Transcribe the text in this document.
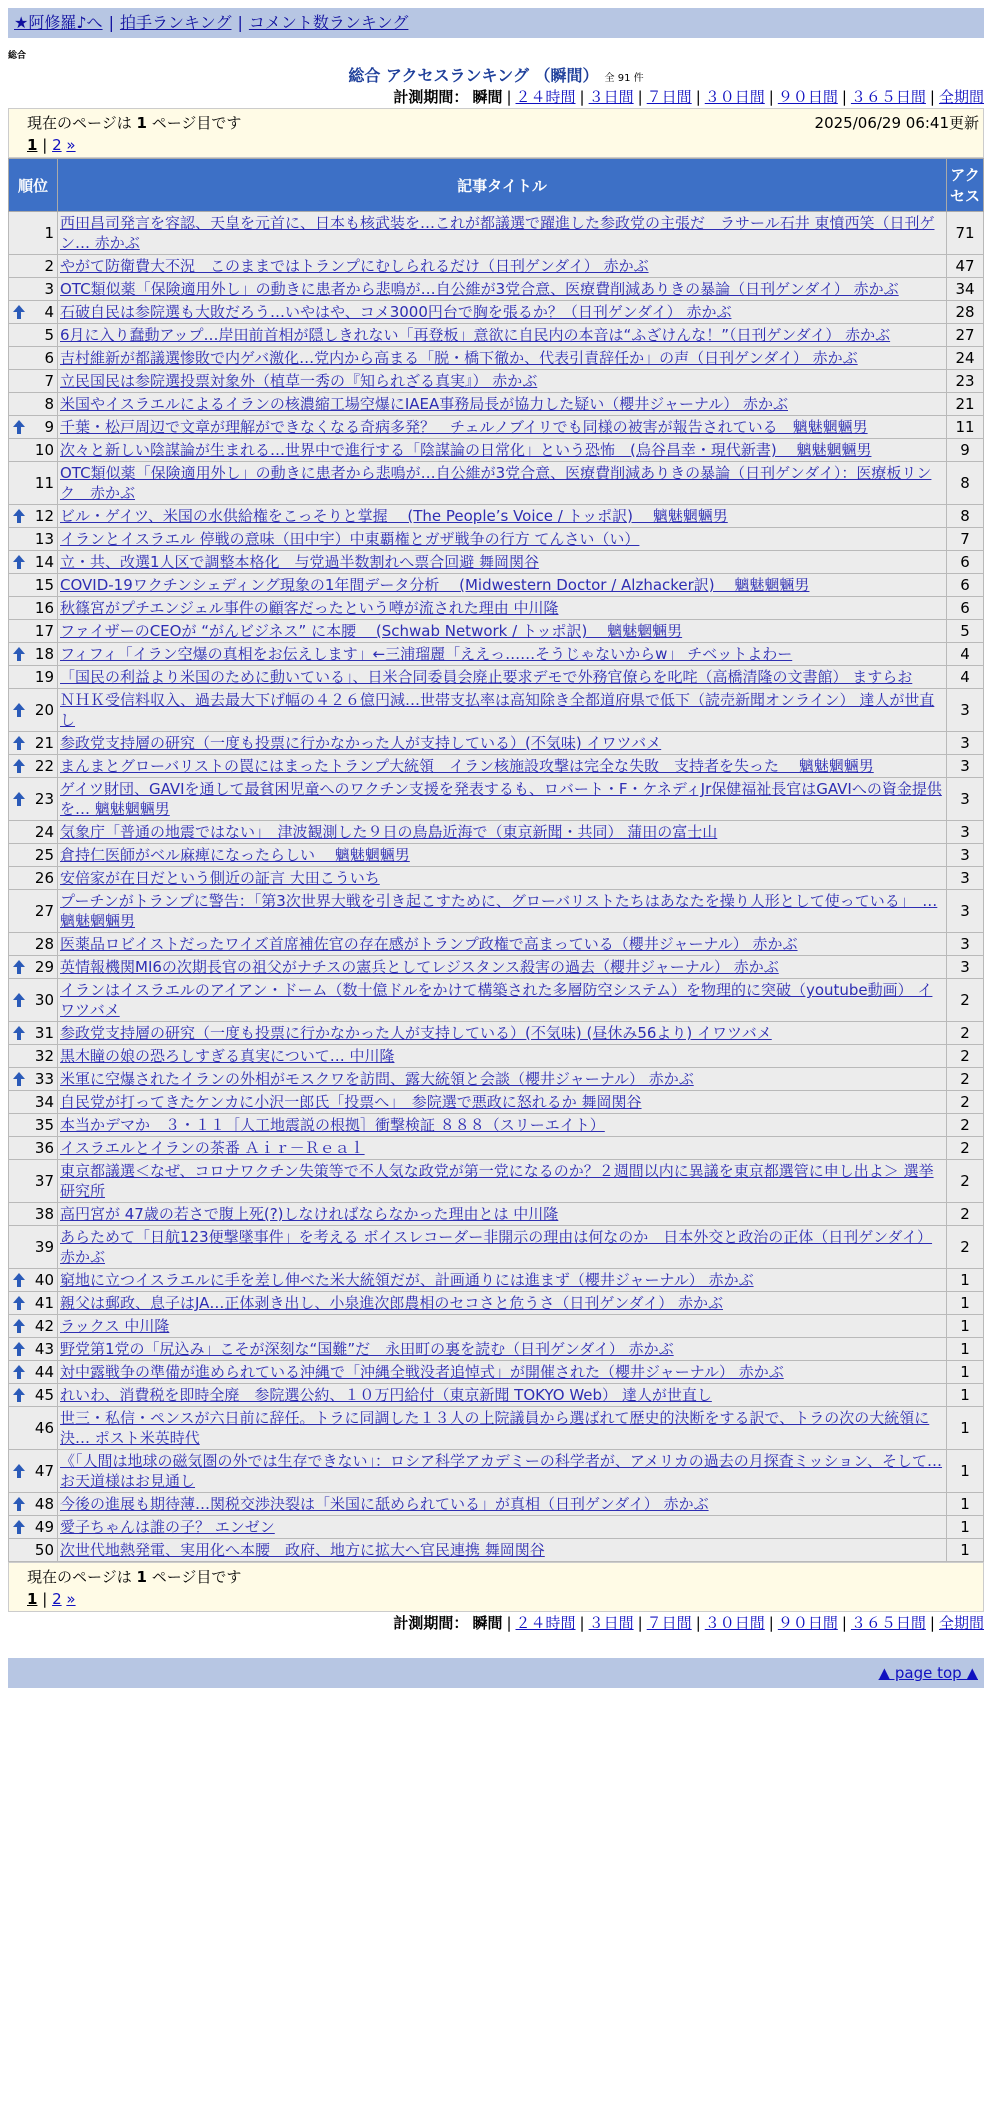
★阿修羅♪へ | 拍手ランキング | コメント数ランキング
総合
総合 アクセスランキング （瞬間） 全 91 件
計測期間： 瞬間 | ２４時間 | ３日間 | ７日間 | ３０日間 | ９０日間 | ３６５日間 | 全期間
現在のページは 1 ページ目です	2025/06/29 06:41更新
1 | 2 »
順位	記事タイトル	アクセス
1	西田昌司発言を容認、天皇を元首に、日本も核武装を…これが都議選で躍進した参政党の主張だ　ラサール石井 東憤西笑（日刊ゲン… 赤かぶ	71
2	やがて防衛費大不況　このままではトランプにむしられるだけ（日刊ゲンダイ） 赤かぶ	47
3	OTC類似薬「保険適用外し」の動きに患者から悲鳴が…自公維が3党合意、医療費削減ありきの暴論（日刊ゲンダイ） 赤かぶ	34

4	石破自民は参院選も大敗だろう…いやはや、コメ3000円台で胸を張るか？（日刊ゲンダイ） 赤かぶ	28
5	6月に入り蠢動アップ…岸田前首相が隠しきれない「再登板」意欲に自民内の本音は“ふざけんな！”（日刊ゲンダイ） 赤かぶ	27
6	吉村維新が都議選惨敗で内ゲバ激化…党内から高まる「脱・橋下徹か、代表引責辞任か」の声（日刊ゲンダイ） 赤かぶ	24
7	立民国民は参院選投票対象外（植草一秀の『知られざる真実』） 赤かぶ	23
8	米国やイスラエルによるイランの核濃縮工場空爆にIAEA事務局長が協力した疑い（櫻井ジャーナル） 赤かぶ	21

9	千葉・松戸周辺で文章が理解ができなくなる奇病多発？　チェルノブイリでも同様の被害が報告されている　魑魅魍魎男	11
10	次々と新しい陰謀論が生まれる…世界中で進行する「陰謀論の日常化」という恐怖　(烏谷昌幸・現代新書)　 魑魅魍魎男	9
11	OTC類似薬「保険適用外し」の動きに患者から悲鳴が…自公維が3党合意、医療費削減ありきの暴論（日刊ゲンダイ）：医療板リンク　赤かぶ	8

12	ビル・ゲイツ、米国の水供給権をこっそりと掌握　 (The People’s Voice / トッポ訳)　 魑魅魍魎男	8
13	イランとイスラエル 停戦の意味（田中宇）中東覇権とガザ戦争の行方 てんさい（い）	7

14	立・共、改選1人区で調整本格化　与党過半数割れへ票合回避 舞岡関谷	6
15	COVID-19ワクチンシェディング現象の1年間データ分析　 (Midwestern Doctor / Alzhacker訳)　 魑魅魍魎男	6
16	秋篠宮がプチエンジェル事件の顧客だったという噂が流された理由 中川隆	6
17	ファイザーのCEOが “がんビジネス” に本腰　 (Schwab Network / トッポ訳)　 魑魅魍魎男	5

18	フィフィ「イラン空爆の真相をお伝えします」←三浦瑠麗「ええっ……そうじゃないからw」 チベットよわー	4
19	「国民の利益より米国のために動いている」、日米合同委員会廃止要求デモで外務官僚らを叱咤（高橋清隆の文書館） ますらお	4

20	ＮＨＫ受信料収入、過去最大下げ幅の４２６億円減…世帯支払率は高知除き全都道府県で低下（読売新聞オンライン） 達人が世直し	3

21	参政党支持層の研究（一度も投票に行かなかった人が支持している）(不気味) イワツバメ	3

22	まんまとグローバリストの罠にはまったトランプ大統領　イラン核施設攻撃は完全な失敗　支持者を失った　 魑魅魍魎男	3

23	ゲイツ財団、GAVIを通して最貧困児童へのワクチン支援を発表するも、ロバート・F・ケネディJr保健福祉長官はGAVIへの資金提供を… 魑魅魍魎男	3
24	気象庁「普通の地震ではない」　津波観測した９日の鳥島近海で（東京新聞・共同） 蒲田の富士山	3
25	倉持仁医師がベル麻痺になったらしい　 魑魅魍魎男	3
26	安倍家が在日だという側近の証言 大田こういち	3
27	プーチンがトランプに警告：「第3次世界大戦を引き起こすために、グローバリストたちはあなたを操り人形として使っている」　… 魑魅魍魎男	3
28	医薬品ロビイストだったワイズ首席補佐官の存在感がトランプ政権で高まっている（櫻井ジャーナル） 赤かぶ	3

29	英情報機関MI6の次期長官の祖父がナチスの憲兵としてレジスタンス殺害の過去（櫻井ジャーナル） 赤かぶ	3

30	イランはイスラエルのアイアン・ドーム（数十億ドルをかけて構築された多層防空システム）を物理的に突破（youtube動画） イワツバメ	2

31	参政党支持層の研究（一度も投票に行かなかった人が支持している）(不気味) (昼休み56より) イワツバメ	2
32	黒木瞳の娘の恐ろしすぎる真実について… 中川隆	2

33	米軍に空爆されたイランの外相がモスクワを訪問、露大統領と会談（櫻井ジャーナル） 赤かぶ	2
34	自民党が打ってきたケンカに小沢一郎氏「投票へ」　参院選で悪政に怒れるか 舞岡関谷	2
35	本当かデマか　３・１１［人工地震説の根拠］衝撃検証 ８８８（スリーエイト）	2
36	イスラエルとイランの茶番 Ａｉｒ－Ｒｅａｌ	2
37	東京都議選＜なぜ、コロナワクチン失策等で不人気な政党が第一党になるのか？２週間以内に異議を東京都選管に申し出よ＞ 選挙研究所	2
38	高円宮が 47歳の若さで腹上死(?)しなければならなかった理由とは 中川隆	2
39	あらためて「日航123便撃墜事件」を考える ボイスレコーダー非開示の理由は何なのか　日本外交と政治の正体（日刊ゲンダイ） 赤かぶ	2

40	窮地に立つイスラエルに手を差し伸べた米大統領だが、計画通りには進まず（櫻井ジャーナル） 赤かぶ	1

41	親父は郵政、息子はJA…正体剥き出し、小泉進次郎農相のセコさと危うさ（日刊ゲンダイ） 赤かぶ	1

42	ラックス 中川隆	1

43	野党第1党の「尻込み」こそが深刻な“国難”だ　永田町の裏を読む（日刊ゲンダイ） 赤かぶ	1

44	対中露戦争の準備が進められている沖縄で「沖縄全戦没者追悼式」が開催された（櫻井ジャーナル） 赤かぶ	1

45	れいわ、消費税を即時全廃　参院選公約、１０万円給付（東京新聞 TOKYO Web） 達人が世直し	1
46	世三・私信・ペンスが六日前に辞任。トラに同調した１３人の上院議員から選ばれて歴史的決断をする訳で、トラの次の大統領に決… ポスト米英時代	1

47	《「人間は地球の磁気圏の外では生存できない」：ロシア科学アカデミーの科学者が、アメリカの過去の月探査ミッション、そして… お天道様はお見通し	1

48	今後の進展も期待薄…関税交渉決裂は「米国に舐められている」が真相（日刊ゲンダイ） 赤かぶ	1

49	愛子ちゃんは誰の子？ エンゼン	1
50	次世代地熱発電、実用化へ本腰　政府、地方に拡大へ官民連携 舞岡関谷	1
現在のページは 1 ページ目です
1 | 2 »
計測期間： 瞬間 | ２４時間 | ３日間 | ７日間 | ３０日間 | ９０日間 | ３６５日間 | 全期間
▲ page top ▲
